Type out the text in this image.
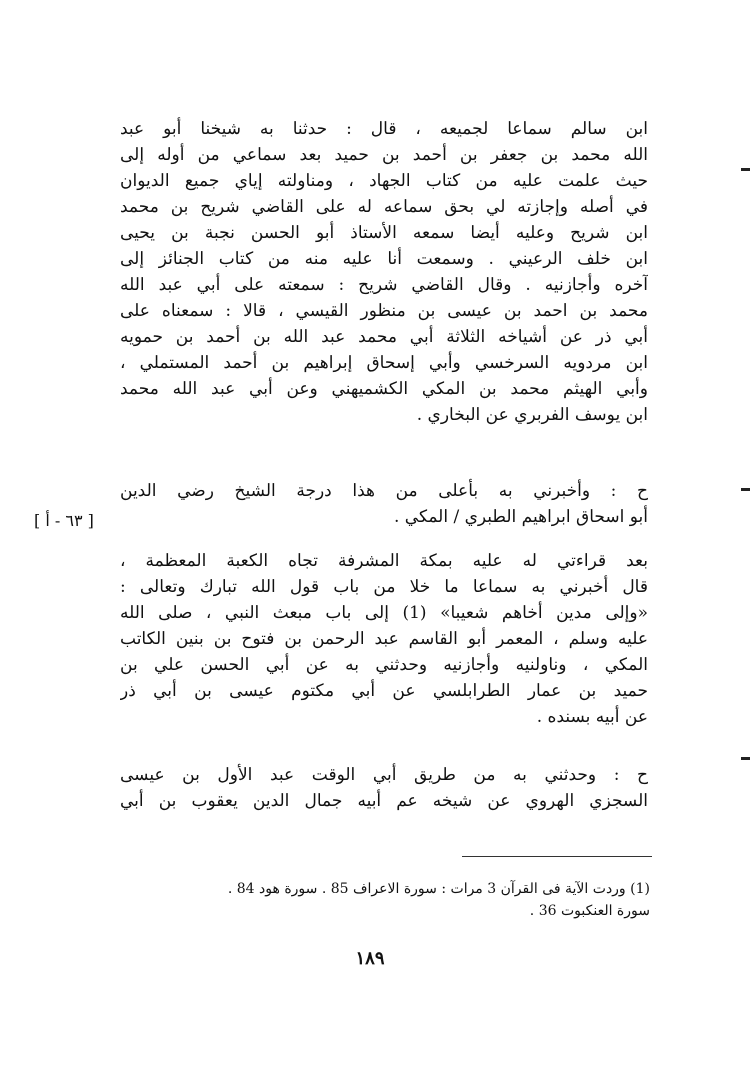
ابن سالم سماعا لجميعه ، قال : حدثنا به شيخنا أبو عبد
الله محمد بن جعفر بن أحمد بن حميد بعد سماعي من أوله إلى
حيث علمت عليه من كتاب الجهاد ، ومناولته إياي جميع الديوان
في أصله وإجازته لي بحق سماعه له على القاضي شريح بن محمد
ابن شريح وعليه أيضا سمعه الأستاذ أبو الحسن نجبة بن يحيى
ابن خلف الرعيني . وسمعت أنا عليه منه من كتاب الجنائز إلى
آخره وأجازنيه . وقال القاضي شريح : سمعته على أبي عبد الله
محمد بن احمد بن عيسى بن منظور القيسي ، قالا : سمعناه على
أبي ذر عن أشياخه الثلاثة أبي محمد عبد الله بن أحمد بن حمويه
ابن مردويه السرخسي وأبي إسحاق إبراهيم بن أحمد المستملي ،
وأبي الهيثم محمد بن المكي الكشميهني وعن أبي عبد الله محمد
ابن يوسف الفربري عن البخاري .
ح : وأخبرني به بأعلى من هذا درجة الشيخ رضي الدين
أبو اسحاق ابراهيم الطبري / المكي .
[ ٦٣ - أ ]
بعد قراءتي له عليه بمكة المشرفة تجاه الكعبة المعظمة ،
قال أخبرني به سماعا ما خلا من باب قول الله تبارك وتعالى :
«وإلى مدين أخاهم شعيبا» (1) إلى باب مبعث النبي ، صلى الله
عليه وسلم ، المعمر أبو القاسم عبد الرحمن بن فتوح بن بنين الكاتب
المكي ، وناولنيه وأجازنيه وحدثني به عن أبي الحسن علي بن
حميد بن عمار الطرابلسي عن أبي مكتوم عيسى بن أبي ذر
عن أبيه بسنده .
ح : وحدثني به من طريق أبي الوقت عبد الأول بن عيسى
السجزي الهروي عن شيخه عم أبيه جمال الدين يعقوب بن أبي
(1) وردت الآية فى القرآن 3 مرات : سورة الاعراف 85 . سورة هود 84 .
سورة العنكبوت 36 .
١٨٩
